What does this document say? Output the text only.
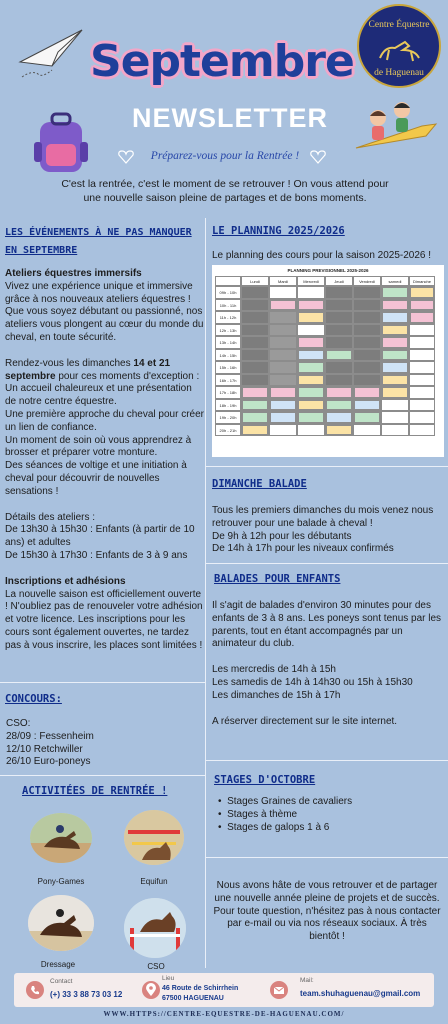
Septembre
NEWSLETTER
Centre Équestre
de Haguenau
Préparez-vous pour la Rentrée !
C'est la rentrée, c'est le moment de se retrouver ! On vous attend pour une nouvelle saison pleine de partages et de bons moments.
LES ÉVÉNEMENTS À NE PAS MANQUER EN SEPTEMBRE
Ateliers équestres immersifs
Vivez une expérience unique et immersive grâce à nos nouveaux ateliers équestres ! Que vous soyez débutant ou passionné, nos ateliers vous plongent au cœur du monde du cheval, en toute sécurité.
Rendez-vous les dimanches 14 et 21 septembre pour ces moments d'exception :
Un accueil chaleureux et une présentation de notre centre équestre.
Une première approche du cheval pour créer un lien de confiance.
Un moment de soin où vous apprendrez à brosser et préparer votre monture.
Des séances de voltige et une initiation à cheval pour découvrir de nouvelles sensations !
Détails des ateliers :
De 13h30 à 15h30 : Enfants (à partir de 10 ans) et adultes
De 15h30 à 17h30 : Enfants de 3 à 9 ans
Inscriptions et adhésions
La nouvelle saison est officiellement ouverte ! N'oubliez pas de renouveler votre adhésion et votre licence. Les inscriptions pour les cours sont également ouvertes, ne tardez pas à vous inscrire, les places sont limitées !
CONCOURS:
CSO:
28/09 : Fessenheim
12/10 Retchwiller
26/10 Euro-poneys
ACTIVITÉES DE RENTRÉE !
Pony-Games	Equifun
Dressage	CSO
LE PLANNING 2025/2026
Le planning des cours pour la saison 2025-2026 !
PLANNING PREVISIONNEL 2025-2026
Lundi	Mardi	Mercredi	Jeudi	Vendredi	samedi	Dimanche
09h - 10h
10h - 11h
11h - 12h
12h - 13h
13h - 14h
14h - 15h
15h - 16h
16h - 17h
17h - 18h
18h - 19h
19h - 20h
20h - 21h
DIMANCHE BALADE
Tous les premiers dimanches du mois venez nous retrouver pour une balade à cheval !
De 9h à 12h pour les débutants
De 14h à 17h pour les niveaux confirmés
BALADES POUR ENFANTS
Il s'agit de balades d'environ 30 minutes pour des enfants de 3 à 8 ans. Les poneys sont tenus par les parents, tout en étant accompagnés par un animateur du club.
Les mercredis de 14h à 15h
Les samedis de 14h à 14h30 ou 15h à 15h30
Les dimanches de 15h à 17h
A réserver directement sur le site internet.
STAGES D'OCTOBRE
•  Stages Graines de cavaliers
•  Stages à thème
•  Stages de galops 1 à 6
Nous avons hâte de vous retrouver et de partager une nouvelle année pleine de projets et de succès. Pour toute question, n'hésitez pas à nous contacter par e-mail ou via nos réseaux sociaux. À très bientôt !
Contact
(+) 33 3 88 73 03 12
Lieu
46 Route de Schirrhein
67500 HAGUENAU
Mail:
team.shuhaguenau@gmail.com
WWW.HTTPS://CENTRE-EQUESTRE-DE-HAGUENAU.COM/
